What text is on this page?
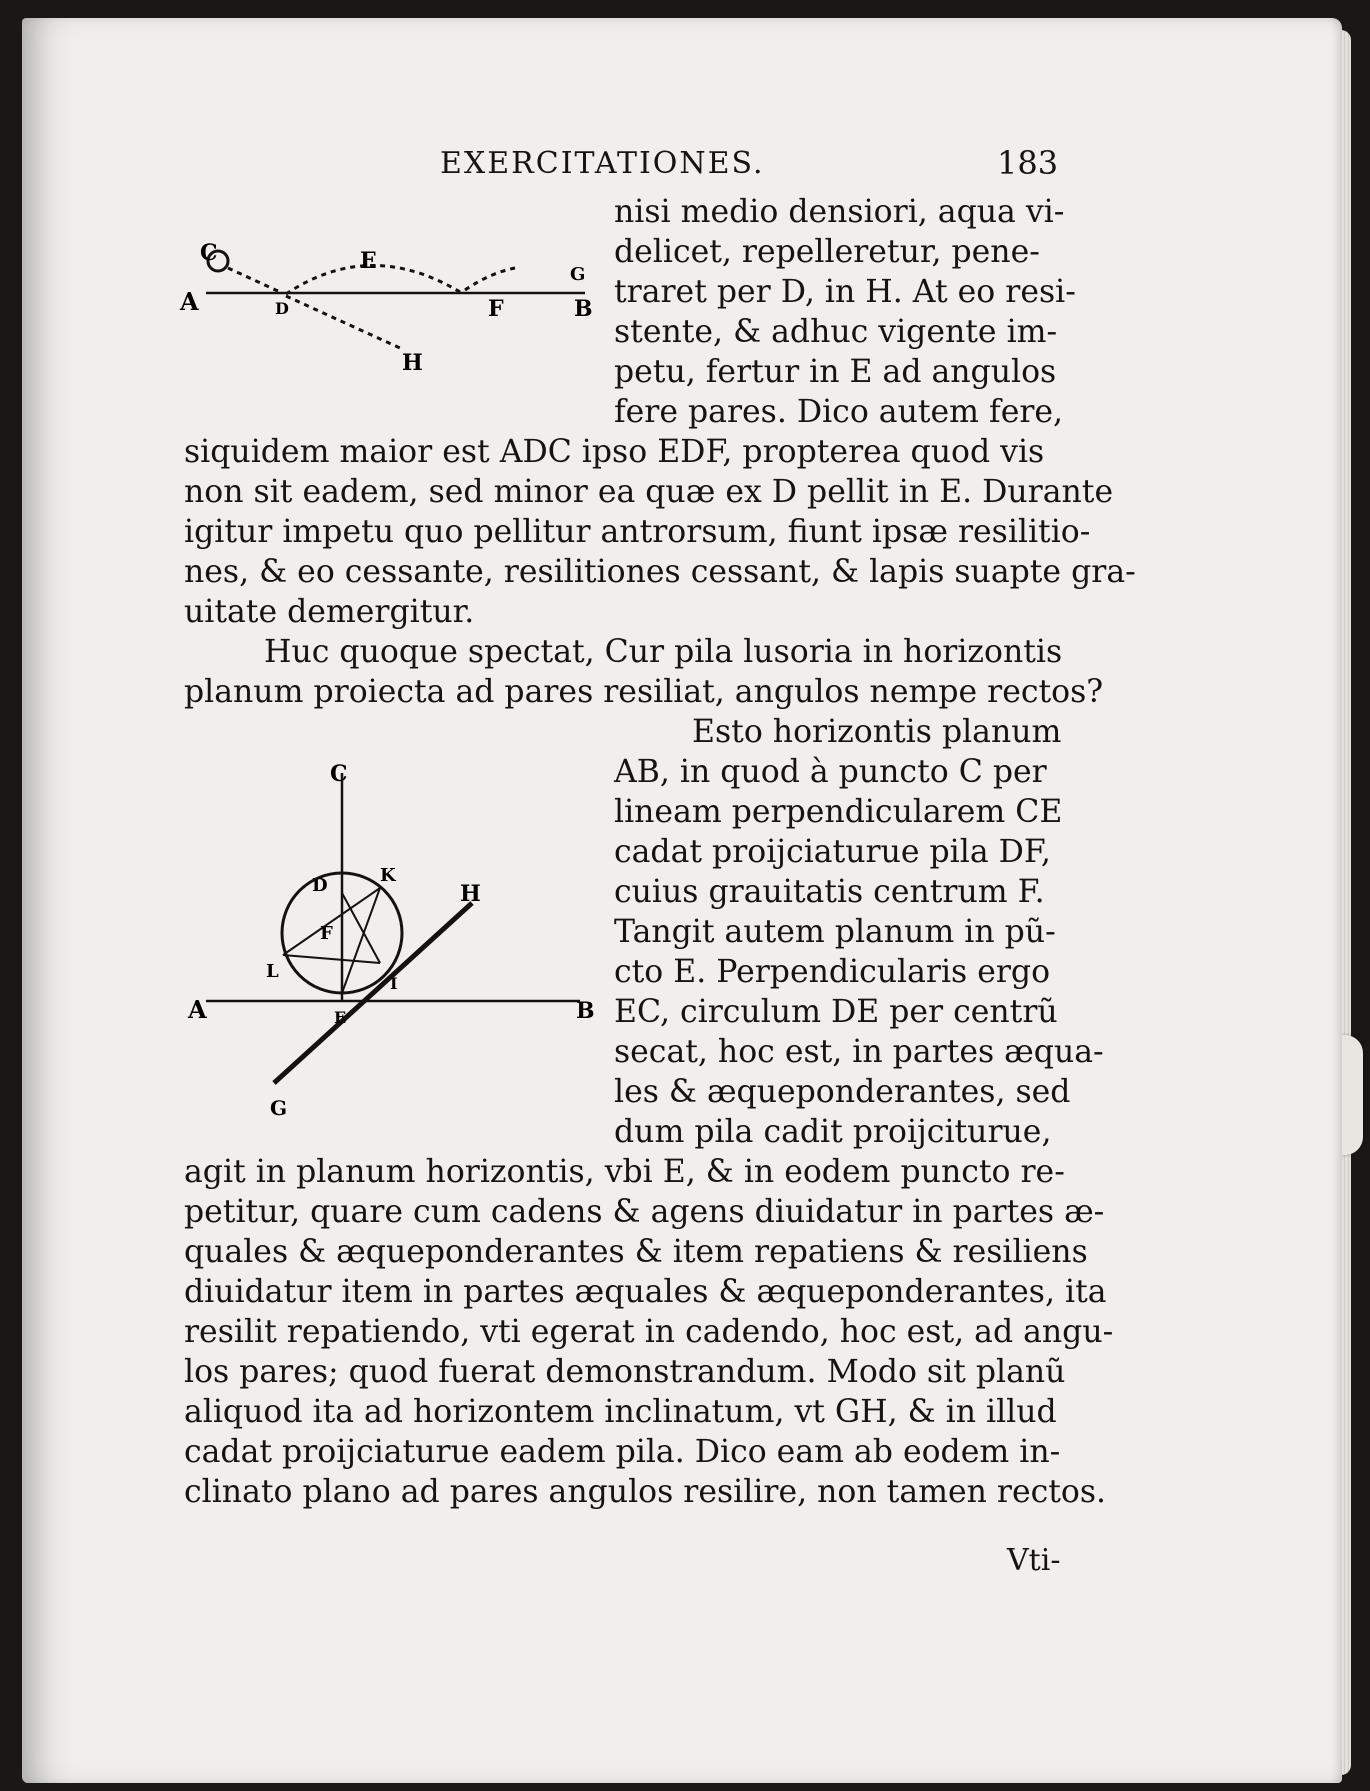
EXERCITATIONES.	183
C
A	D
E
F
G
B
H

nisi medio densiori, aqua vi-

delicet, repelleretur, pene-

traret per D, in H. At eo resi-

stente, & adhuc vigente im-

petu, fertur in E ad angulos

fere pares. Dico autem fere,

siquidem maior est ADC ipso EDF, propterea quod vis

non sit eadem, sed minor ea quæ ex D pellit in E. Durante

igitur impetu quo pellitur antrorsum, fiunt ipsæ resilitio-

nes, & eo cessante, resilitiones cessant, & lapis suapte gra-

uitate demergitur.

Huc quoque spectat, Cur pila lusoria in horizontis

planum proiecta ad pares resiliat, angulos nempe rectos?

Esto horizontis planum

C
D	K
H
F
L
I
A	E	B
G

AB, in quod à puncto C per

lineam perpendicularem CE

cadat proijciaturue pila DF,

cuius grauitatis centrum F.

Tangit autem planum in pũ-

cto E. Perpendicularis ergo

EC, circulum DE per centrũ

secat, hoc est, in partes æqua-

les & æqueponderantes, sed

dum pila cadit proijciturue,

agit in planum horizontis, vbi E, & in eodem puncto re-

petitur, quare cum cadens & agens diuidatur in partes æ-

quales & æqueponderantes & item repatiens & resiliens

diuidatur item in partes æquales & æqueponderantes, ita

resilit repatiendo, vti egerat in cadendo, hoc est, ad angu-

los pares; quod fuerat demonstrandum. Modo sit planũ

aliquod ita ad horizontem inclinatum, vt GH, & in illud

cadat proijciaturue eadem pila. Dico eam ab eodem in-

clinato plano ad pares angulos resilire, non tamen rectos.

Vti-
